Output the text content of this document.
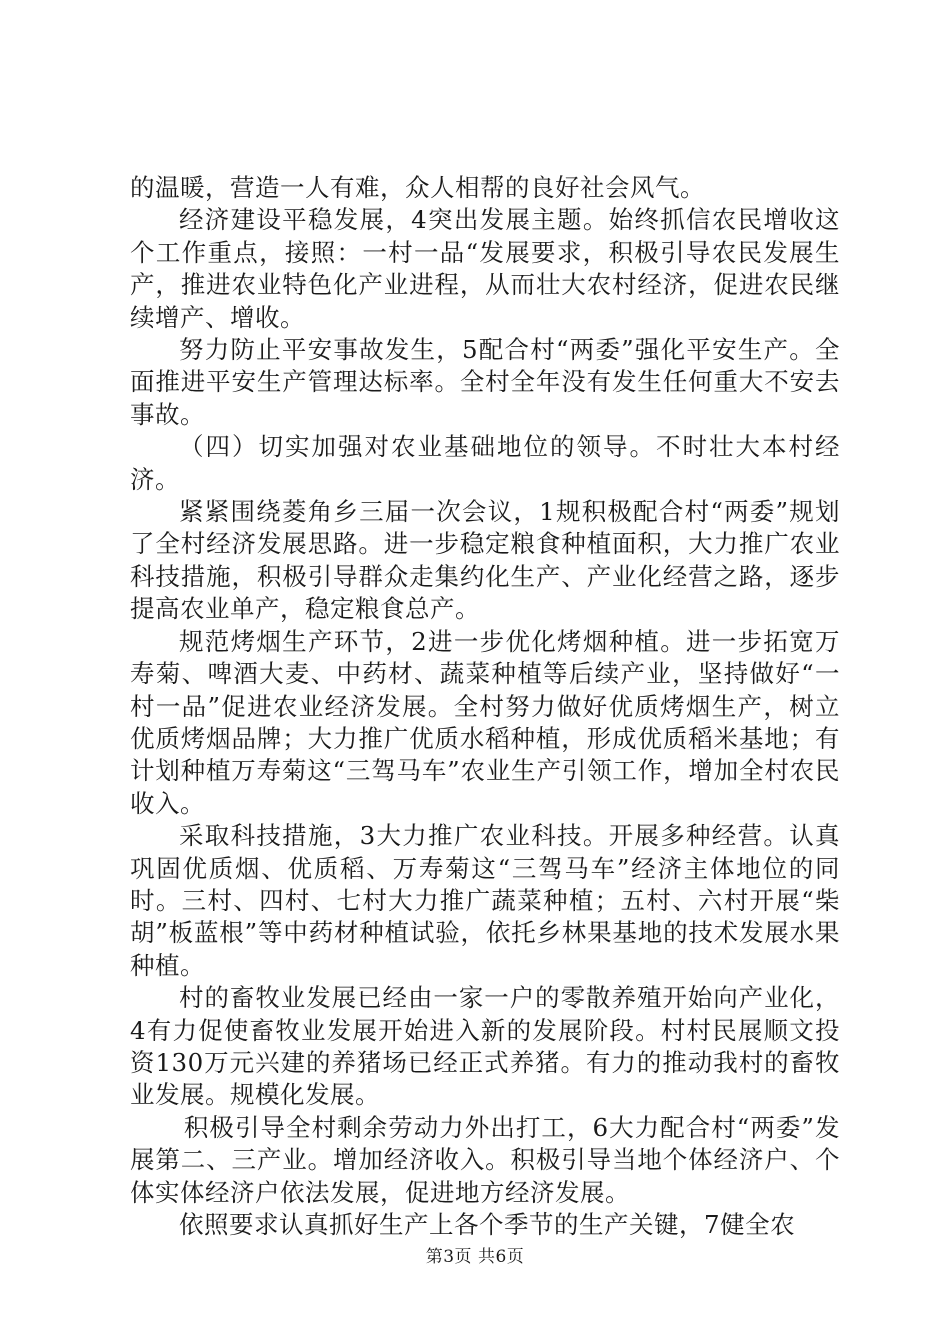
的温暖，营造一人有难，众人相帮的良好社会风气。

经济建设平稳发展，4突出发展主题。始终抓信农民增收这个工作重点，接照：一村一品“发展要求，积极引导农民发展生产，推进农业特色化产业进程，从而壮大农村经济，促进农民继续增产、增收。

努力防止平安事故发生，5配合村“两委”强化平安生产。全面推进平安生产管理达标率。全村全年没有发生任何重大不安去事故。

（四）切实加强对农业基础地位的领导。不时壮大本村经济。

紧紧围绕菱角乡三届一次会议，1规积极配合村“两委”规划了全村经济发展思路。进一步稳定粮食种植面积，大力推广农业科技措施，积极引导群众走集约化生产、产业化经营之路，逐步提高农业单产，稳定粮食总产。

规范烤烟生产环节，2进一步优化烤烟种植。进一步拓宽万寿菊、啤酒大麦、中药材、蔬菜种植等后续产业，坚持做好“一村一品”促进农业经济发展。全村努力做好优质烤烟生产，树立优质烤烟品牌；大力推广优质水稻种植，形成优质稻米基地；有计划种植万寿菊这“三驾马车”农业生产引领工作，增加全村农民收入。

采取科技措施，3大力推广农业科技。开展多种经营。认真巩固优质烟、优质稻、万寿菊这“三驾马车”经济主体地位的同时。三村、四村、七村大力推广蔬菜种植；五村、六村开展“柴胡”板蓝根”等中药材种植试验，依托乡林果基地的技术发展水果种植。

村的畜牧业发展已经由一家一户的零散养殖开始向产业化，4有力促使畜牧业发展开始进入新的发展阶段。村村民展顺文投资130万元兴建的养猪场已经正式养猪。有力的推动我村的畜牧业发展。规模化发展。

积极引导全村剩余劳动力外出打工，6大力配合村“两委”发展第二、三产业。增加经济收入。积极引导当地个体经济户、个体实体经济户依法发展，促进地方经济发展。

依照要求认真抓好生产上各个季节的生产关键，7健全农

第3页 共6页
